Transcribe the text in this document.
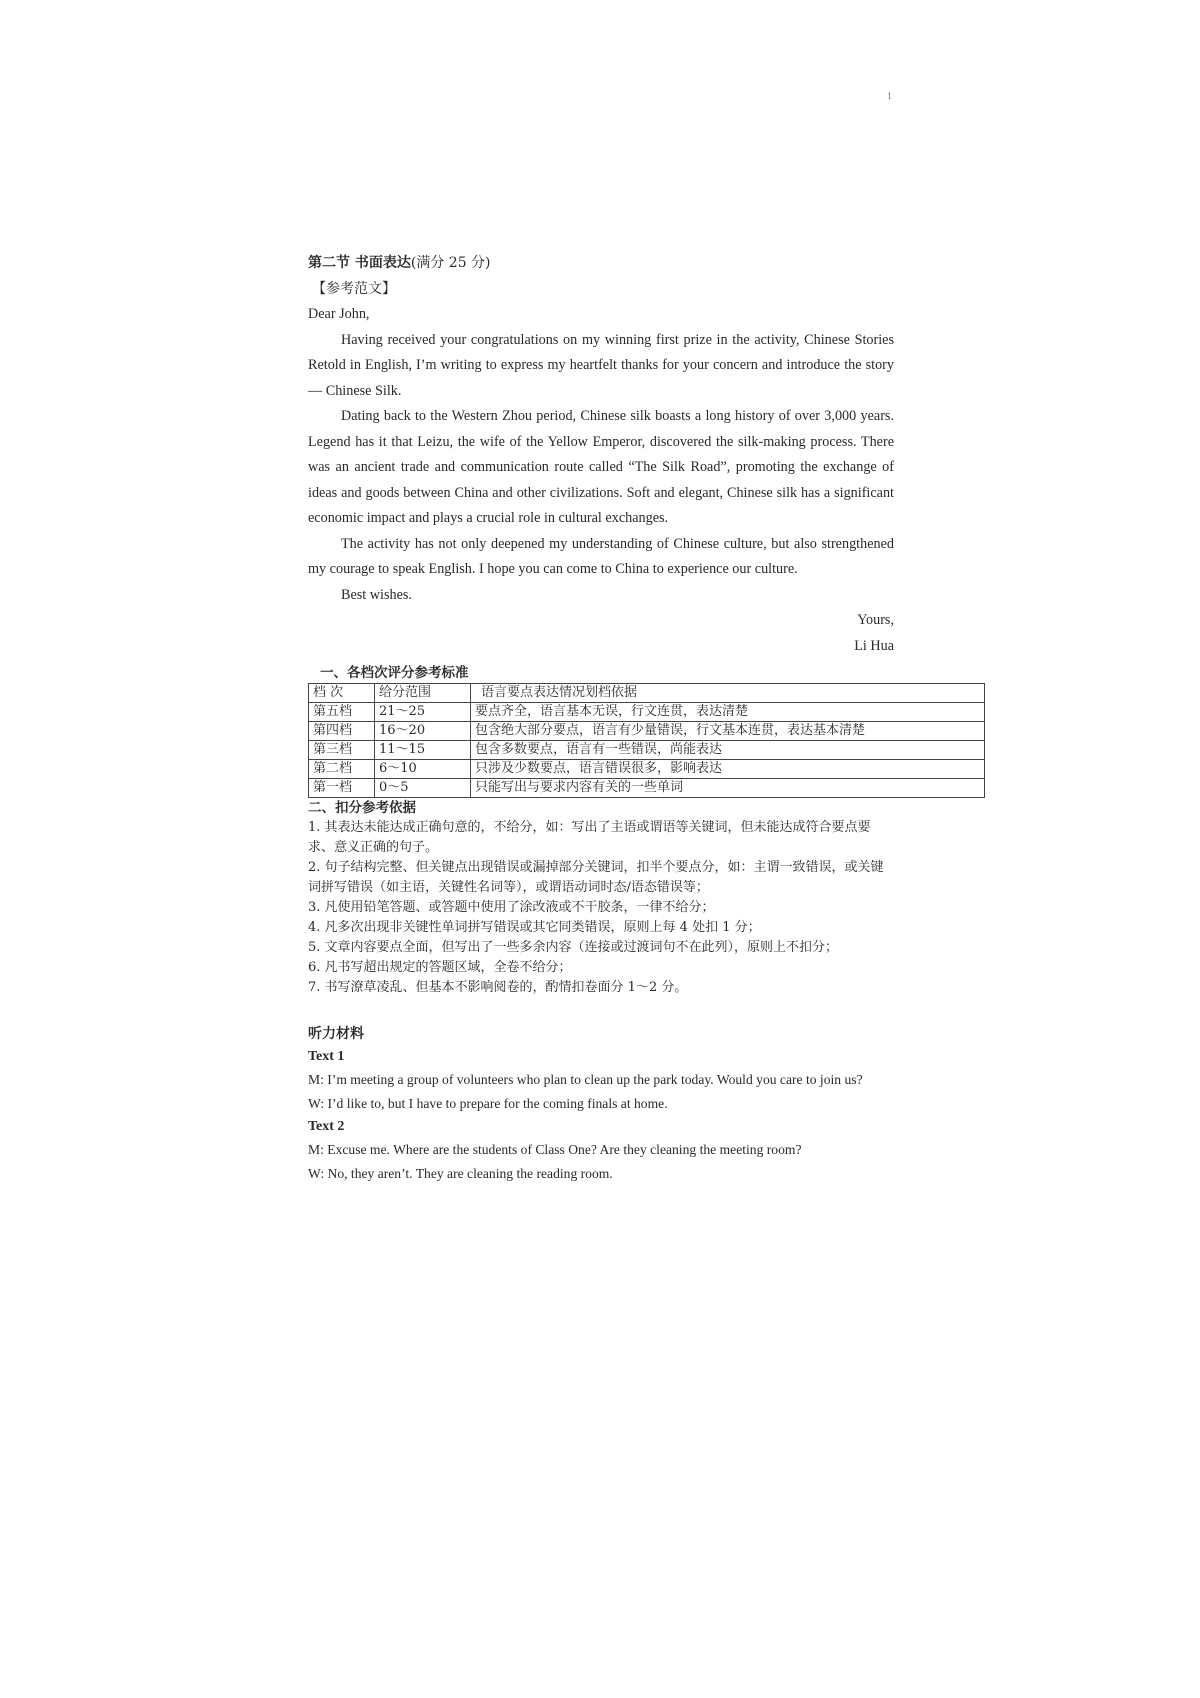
1
第二节 书面表达(满分 25 分)
【参考范文】

Dear John,

Having received your congratulations on my winning first prize in the activity, Chinese Stories Retold in English, I’m writing to express my heartfelt thanks for your concern and introduce the story — Chinese Silk.

Dating back to the Western Zhou period, Chinese silk boasts a long history of over 3,000 years. Legend has it that Leizu, the wife of the Yellow Emperor, discovered the silk-making process. There was an ancient trade and communication route called “The Silk Road”, promoting the exchange of ideas and goods between China and other civilizations. Soft and elegant, Chinese silk has a significant economic impact and plays a crucial role in cultural exchanges.

The activity has not only deepened my understanding of Chinese culture, but also strengthened my courage to speak English. I hope you can come to China to experience our culture.

Best wishes.

Yours,

Li Hua

一、各档次评分参考标准
档 次	给分范围	语言要点表达情况划档依据
第五档	21～25	要点齐全，语言基本无误，行文连贯，表达清楚
第四档	16～20	包含绝大部分要点，语言有少量错误，行文基本连贯，表达基本清楚
第三档	11～15	包含多数要点，语言有一些错误，尚能表达
第二档	6～10	只涉及少数要点，语言错误很多，影响表达
第一档	0～5	只能写出与要求内容有关的一些单词
二、扣分参考依据
1. 其表达未能达成正确句意的，不给分，如：写出了主语或谓语等关键词，但未能达成符合要点要求、意义正确的句子。
2. 句子结构完整、但关键点出现错误或漏掉部分关键词，扣半个要点分，如：主谓一致错误，或关键词拼写错误（如主语，关键性名词等），或谓语动词时态/语态错误等；
3. 凡使用铅笔答题、或答题中使用了涂改液或不干胶条，一律不给分；
4. 凡多次出现非关键性单词拼写错误或其它同类错误，原则上每 4 处扣 1 分；
5. 文章内容要点全面，但写出了一些多余内容（连接或过渡词句不在此列），原则上不扣分；
6. 凡书写超出规定的答题区域，全卷不给分；
7. 书写潦草凌乱、但基本不影响阅卷的，酌情扣卷面分 1～2 分。
听力材料
Text 1
M: I’m meeting a group of volunteers who plan to clean up the park today. Would you care to join us?
W: I’d like to, but I have to prepare for the coming finals at home.
Text 2
M: Excuse me. Where are the students of Class One? Are they cleaning the meeting room?
W: No, they aren’t. They are cleaning the reading room.
